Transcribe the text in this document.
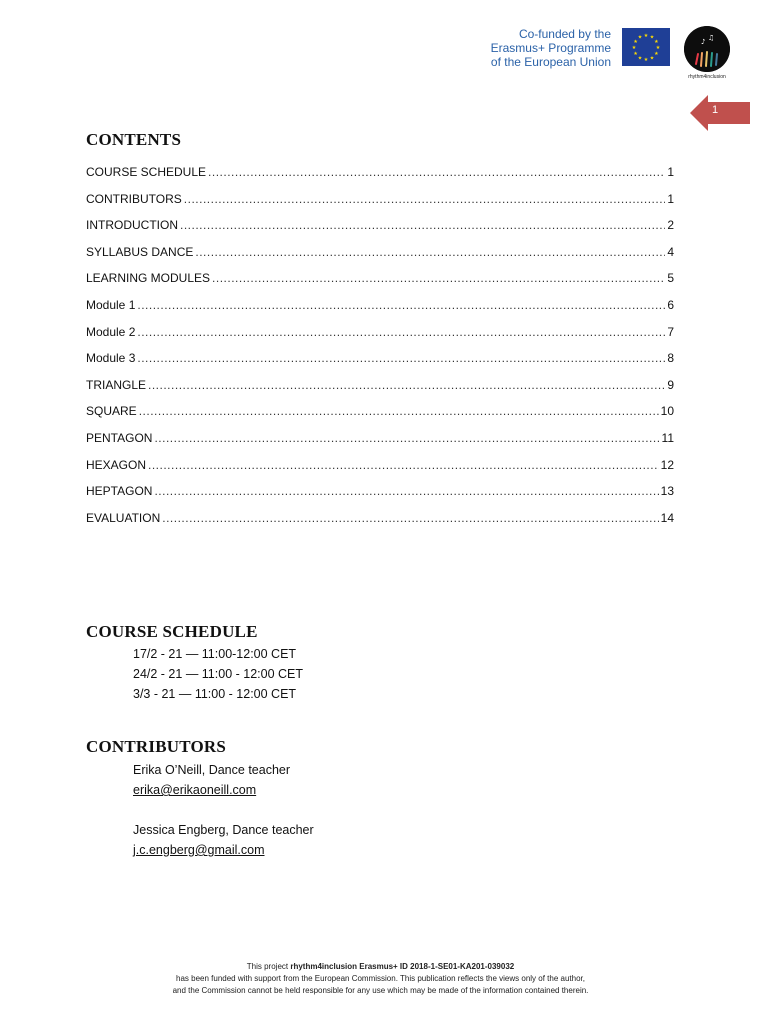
Co-funded by the
Erasmus+ Programme
of the European Union
★ ★
★
★
★
★
★
★
★
★
★
★
♪ ♫
rhythm4inclusion
1
CONTENTS
COURSE SCHEDULE .....	1
CONTRIBUTORS .....	1
INTRODUCTION .....	2
SYLLABUS DANCE .....	4
LEARNING MODULES .....	5
Module 1 .....	6
Module 2 .....	7
Module 3 .....	8
TRIANGLE .....	9
SQUARE .....	10
PENTAGON .....	11
HEXAGON .....	12
HEPTAGON .....	13
EVALUATION .....	14
COURSE SCHEDULE
17/2 - 21 — 11:00-12:00 CET
24/2 - 21 — 11:00 - 12:00 CET
3/3 - 21 — 11:00 - 12:00 CET
CONTRIBUTORS
Erika O’Neill, Dance teacher
erika@erikaoneill.com
Jessica Engberg, Dance teacher
j.c.engberg@gmail.com
This project rhythm4inclusion Erasmus+ ID 2018-1-SE01-KA201-039032
has been funded with support from the European Commission. This publication reflects the views only of the author,
and the Commission cannot be held responsible for any use which may be made of the information contained therein.
